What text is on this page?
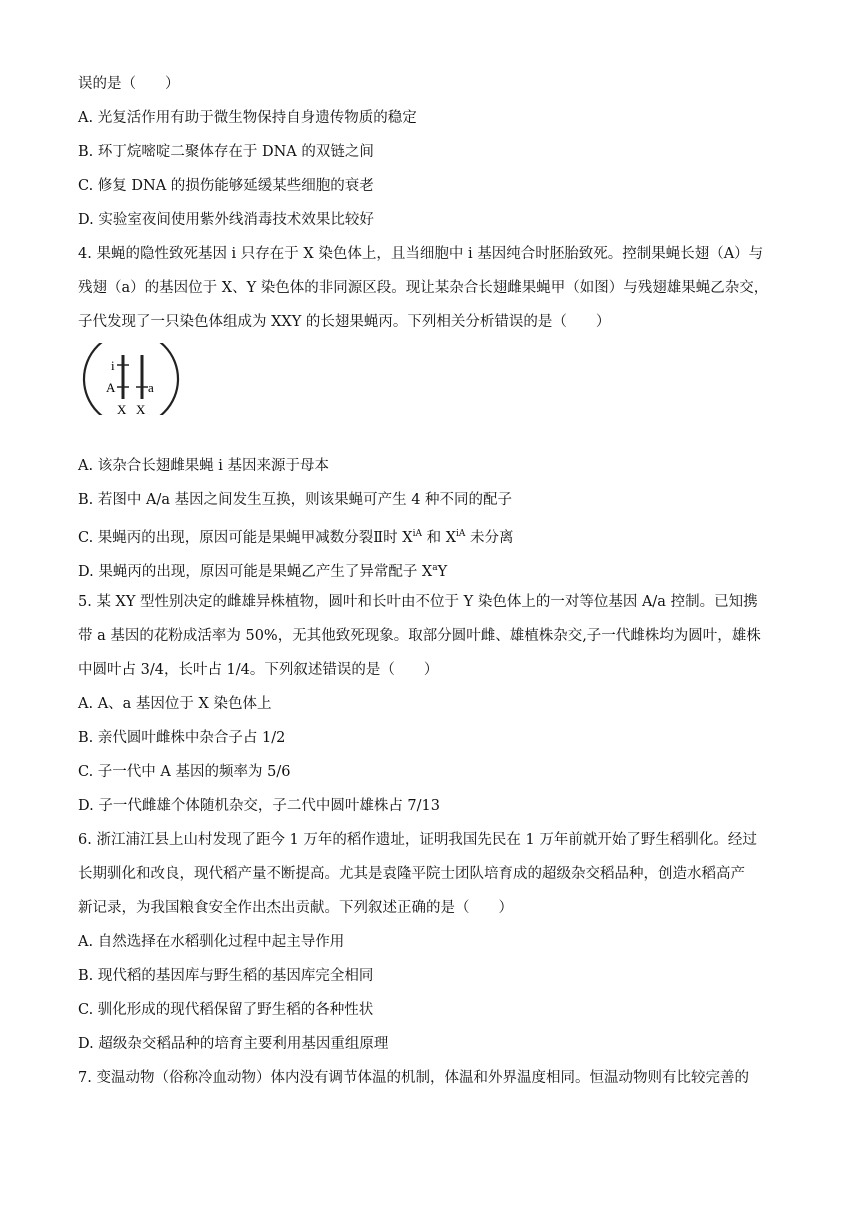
误的是（　　）
A. 光复活作用有助于微生物保持自身遗传物质的稳定
B. 环丁烷嘧啶二聚体存在于 DNA 的双链之间
C. 修复 DNA 的损伤能够延缓某些细胞的衰老
D. 实验室夜间使用紫外线消毒技术效果比较好
4. 果蝇的隐性致死基因 i 只存在于 X 染色体上，且当细胞中 i 基因纯合时胚胎致死。控制果蝇长翅（A）与
残翅（a）的基因位于 X、Y 染色体的非同源区段。现让某杂合长翅雌果蝇甲（如图）与残翅雄果蝇乙杂交，
子代发现了一只染色体组成为 XXY 的长翅果蝇丙。下列相关分析错误的是（　　）
i
A	a
X X
A. 该杂合长翅雌果蝇 i 基因来源于母本
B. 若图中 A/a 基因之间发生互换，则该果蝇可产生 4 种不同的配子
C. 果蝇丙的出现，原因可能是果蝇甲减数分裂Ⅱ时 $X^{iA}$ 和 $X^{iA}$ 未分离
D. 果蝇丙的出现，原因可能是果蝇乙产生了异常配子 $X^aY$
5. 某 XY 型性别决定的雌雄异株植物，圆叶和长叶由不位于 Y 染色体上的一对等位基因 A/a 控制。已知携
带 a 基因的花粉成活率为 50%，无其他致死现象。取部分圆叶雌、雄植株杂交,子一代雌株均为圆叶，雄株
中圆叶占 3/4，长叶占 1/4。下列叙述错误的是（　　）
A. A、a 基因位于 X 染色体上
B. 亲代圆叶雌株中杂合子占 1/2
C. 子一代中 A 基因的频率为 5/6
D. 子一代雌雄个体随机杂交，子二代中圆叶雄株占 7/13
6. 浙江浦江县上山村发现了距今 1 万年的稻作遗址，证明我国先民在 1 万年前就开始了野生稻驯化。经过
长期驯化和改良，现代稻产量不断提高。尤其是袁隆平院士团队培育成的超级杂交稻品种，创造水稻高产
新记录，为我国粮食安全作出杰出贡献。下列叙述正确的是（　　）
A. 自然选择在水稻驯化过程中起主导作用
B. 现代稻的基因库与野生稻的基因库完全相同
C. 驯化形成的现代稻保留了野生稻的各种性状
D. 超级杂交稻品种的培育主要利用基因重组原理
7. 变温动物（俗称冷血动物）体内没有调节体温的机制，体温和外界温度相同。恒温动物则有比较完善的
